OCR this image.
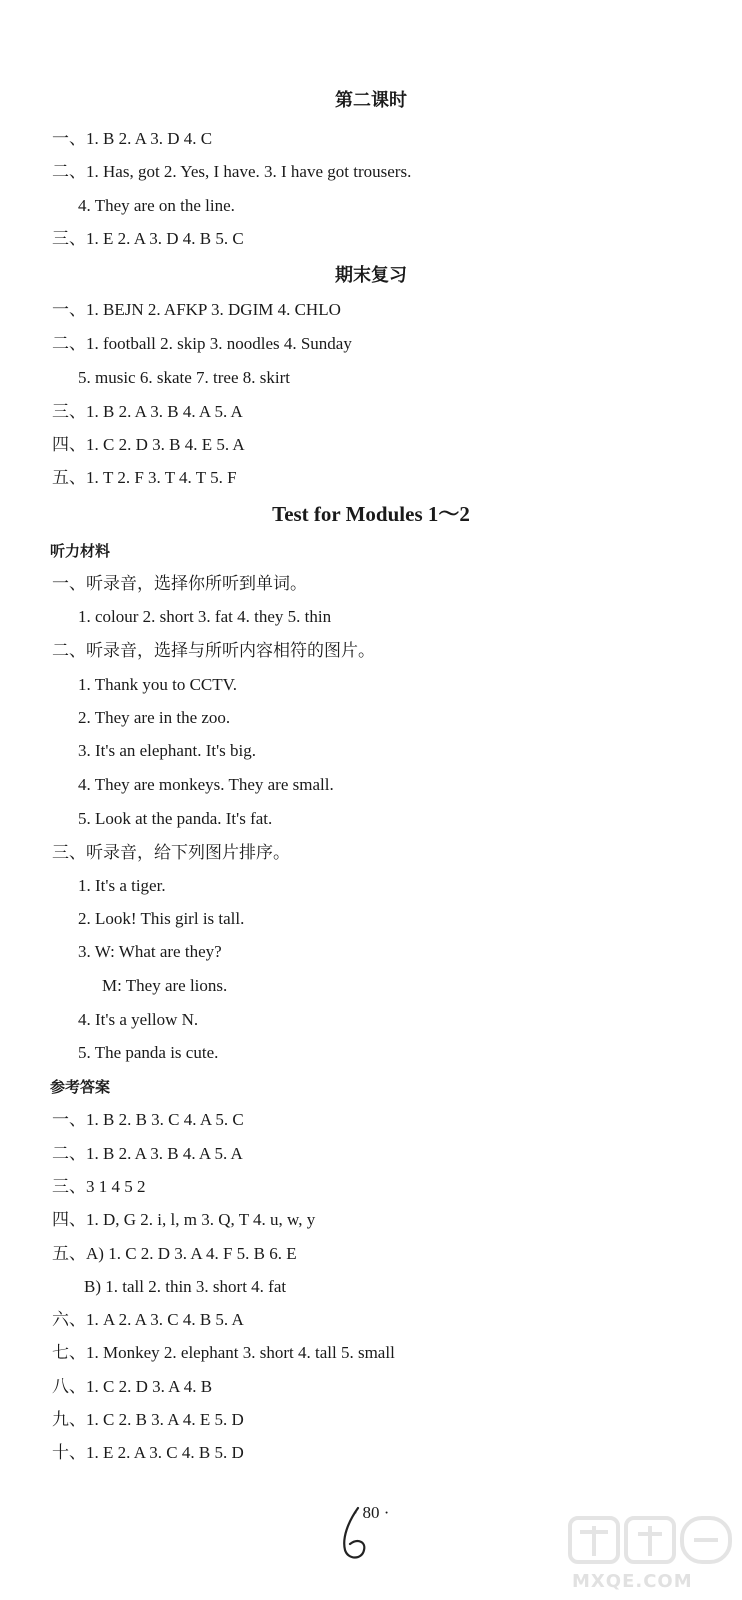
第二课时
一、1. B 2. A 3. D 4. C
二、1. Has, got 2. Yes, I have. 3. I have got trousers.
4. They are on the line.
三、1. E 2. A 3. D 4. B 5. C
期末复习
一、1. BEJN 2. AFKP 3. DGIM 4. CHLO
二、1. football 2. skip 3. noodles 4. Sunday
5. music 6. skate 7. tree 8. skirt
三、1. B 2. A 3. B 4. A 5. A
四、1. C 2. D 3. B 4. E 5. A
五、1. T 2. F 3. T 4. T 5. F
Test for Modules 1～2
听力材料
一、听录音，选择你所听到单词。
1. colour 2. short 3. fat 4. they 5. thin
二、听录音，选择与所听内容相符的图片。
1. Thank you to CCTV.
2. They are in the zoo.
3. It's an elephant. It's big.
4. They are monkeys. They are small.
5. Look at the panda. It's fat.
三、听录音，给下列图片排序。
1. It's a tiger.
2. Look! This girl is tall.
3. W: What are they?
M: They are lions.
4. It's a yellow N.
5. The panda is cute.
参考答案
一、1. B 2. B 3. C 4. A 5. C
二、1. B 2. A 3. B 4. A 5. A
三、3 1 4 5 2
四、1. D, G 2. i, l, m 3. Q, T 4. u, w, y
五、A) 1. C 2. D 3. A 4. F 5. B 6. E
B) 1. tall 2. thin 3. short 4. fat
六、1. A 2. A 3. C 4. B 5. A
七、1. Monkey 2. elephant 3. short 4. tall 5. small
八、1. C 2. D 3. A 4. B
九、1. C 2. B 3. A 4. E 5. D
十、1. E 2. A 3. C 4. B 5. D
· 80 ·
MXQE.COM
